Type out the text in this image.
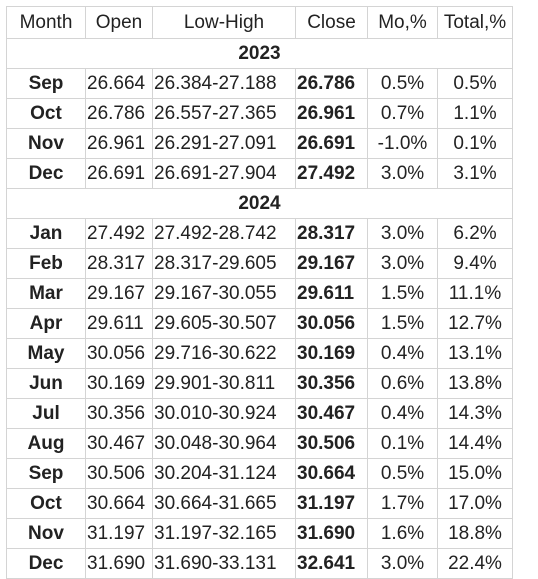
Month	Open	Low-High	Close	Mo,%	Total,%
2023					
Sep	26.664	26.384-27.188	26.786	0.5%	0.5%
Oct	26.786	26.557-27.365	26.961	0.7%	1.1%
Nov	26.961	26.291-27.091	26.691	-1.0%	0.1%
Dec	26.691	26.691-27.904	27.492	3.0%	3.1%
2024					
Jan	27.492	27.492-28.742	28.317	3.0%	6.2%
Feb	28.317	28.317-29.605	29.167	3.0%	9.4%
Mar	29.167	29.167-30.055	29.611	1.5%	11.1%
Apr	29.611	29.605-30.507	30.056	1.5%	12.7%
May	30.056	29.716-30.622	30.169	0.4%	13.1%
Jun	30.169	29.901-30.811	30.356	0.6%	13.8%
Jul	30.356	30.010-30.924	30.467	0.4%	14.3%
Aug	30.467	30.048-30.964	30.506	0.1%	14.4%
Sep	30.506	30.204-31.124	30.664	0.5%	15.0%
Oct	30.664	30.664-31.665	31.197	1.7%	17.0%
Nov	31.197	31.197-32.165	31.690	1.6%	18.8%
Dec	31.690	31.690-33.131	32.641	3.0%	22.4%
